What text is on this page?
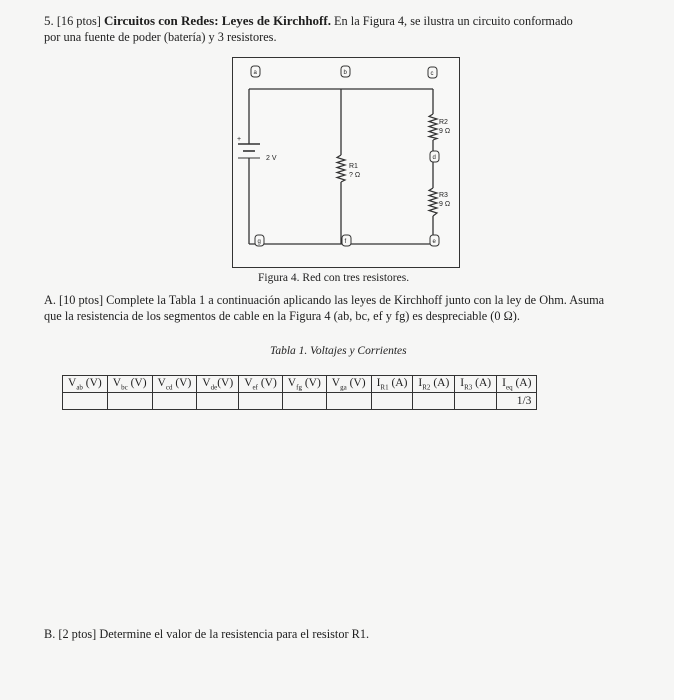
5. [16 ptos] Circuitos con Redes: Leyes de Kirchhoff. En la Figura 4, se ilustra un circuito conformado
por una fuente de poder (batería) y 3 resistores.
+
2 V
R1
? Ω
R2
9 Ω
R3
9 Ω
a	b	c
d
e
f
g
Figura 4. Red con tres resistores.
A. [10 ptos] Complete la Tabla 1 a continuación aplicando las leyes de Kirchhoff junto con la ley de Ohm. Asuma
que la resistencia de los segmentos de cable en la Figura 4 (ab, bc, ef y fg) es despreciable (0 Ω).
Tabla 1. Voltajes y Corrientes
$V_{ab}$ (V)	$V_{bc}$ (V)	$V_{cd}$ (V)	$V_{de}(V)$	$V_{ef}$ (V)	$V_{fg}$ (V)	$V_{ga}$ (V)	$I_{R1}$ (A)	$I_{R2}$ (A)	$I_{R3}$ (A)	$I_{eq}$ (A)
										1/3
B. [2 ptos] Determine el valor de la resistencia para el resistor R1.
